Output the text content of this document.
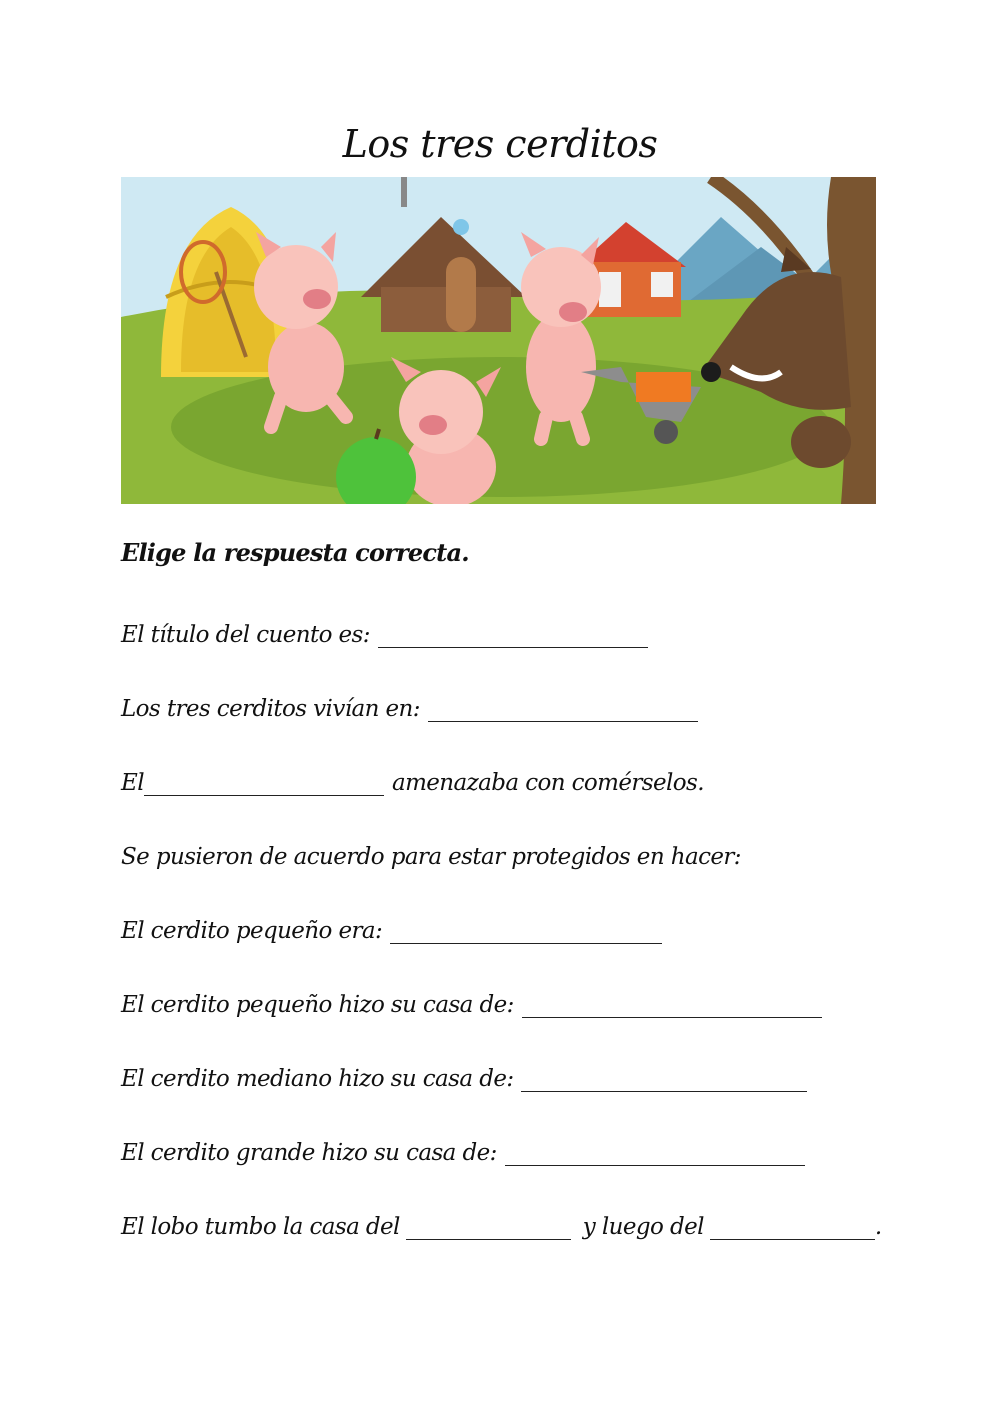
Los tres cerditos
Elige la respuesta correcta.
El título del cuento es:
Los tres cerditos vivían en:
El	amenazaba con comérselos.
Se pusieron de acuerdo para estar protegidos en hacer:
El cerdito pequeño era:
El cerdito pequeño hizo su casa de:
El cerdito mediano hizo su casa de:
El cerdito grande hizo su casa de:
El lobo tumbo la casa del	y luego del	.
